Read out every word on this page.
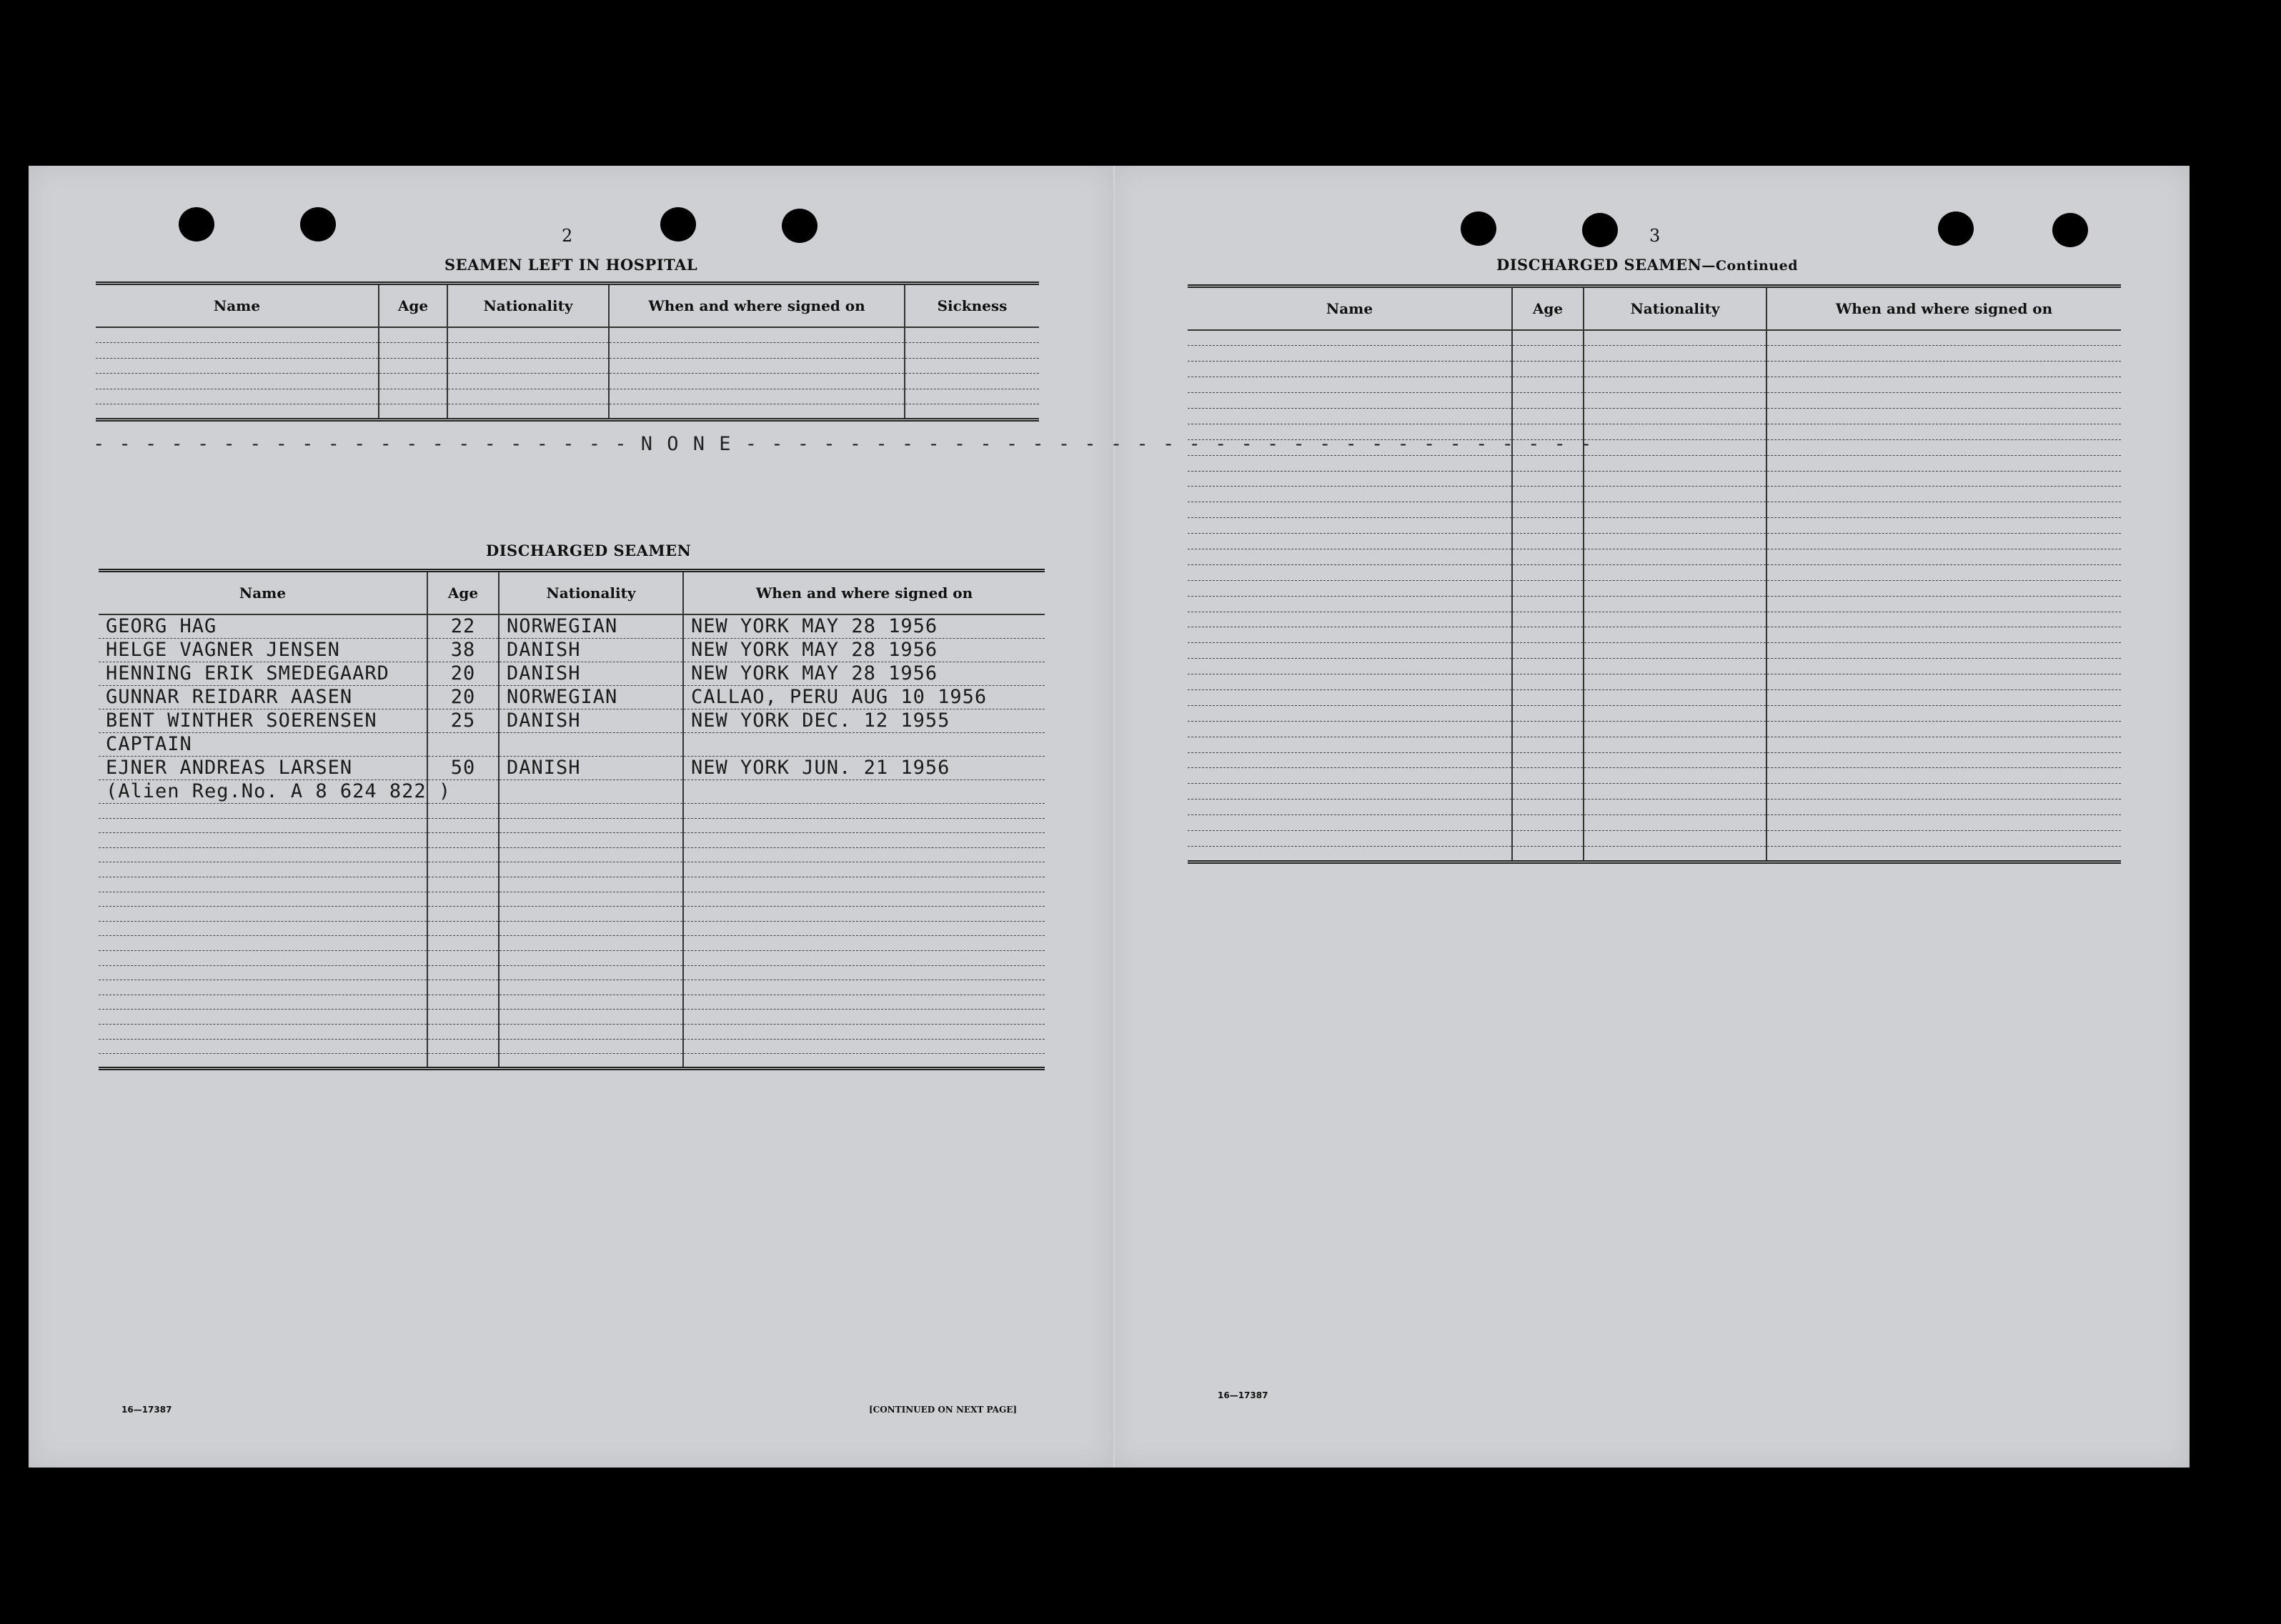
2
SEAMEN LEFT IN HOSPITAL
Name	Age	Nationality	When and where signed on	Sickness

- - - - - - - - - - - - - - - - - - - - - N O N E - - - - - - - - - - - - - - - - - - - - - - - - - - - - - - - - -
DISCHARGED SEAMEN
Name	Age	Nationality	When and where signed on
GEORG HAG	22	NORWEGIAN	NEW YORK MAY 28 1956
HELGE VAGNER JENSEN	38	DANISH	NEW YORK MAY 28 1956
HENNING ERIK SMEDEGAARD	20	DANISH	NEW YORK MAY 28 1956
GUNNAR REIDARR AASEN	20	NORWEGIAN	CALLAO, PERU AUG 10 1956
BENT WINTHER SOERENSEN	25	DANISH	NEW YORK DEC. 12 1955
CAPTAIN			
EJNER ANDREAS LARSEN	50	DANISH	NEW YORK JUN. 21 1956
(Alien Reg.No. A 8 624 822 )			

16—17387	[CONTINUED ON NEXT PAGE]
3
DISCHARGED SEAMEN—Continued
Name	Age	Nationality	When and where signed on

16—17387
